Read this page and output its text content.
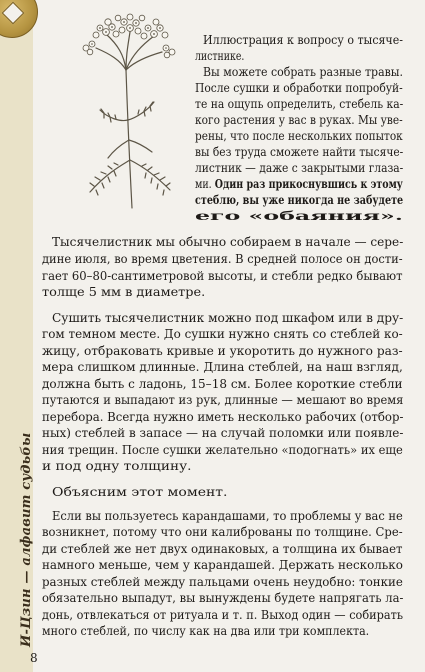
И-Цзин — алфавит судьбы
8
Иллюстрация к вопросу о тысяче-
листнике.
Вы можете собрать разные травы.
После сушки и обработки попробуй-
те на ощупь определить, стебель ка-
кого растения у вас в руках. Мы уве-
рены, что после нескольких попыток
вы без труда сможете найти тысяче-
листник — даже с закрытыми глаза-
ми. Один раз прикоснувшись к этому
стеблю, вы уже никогда не забудете
его «обаяния».
Тысячелистник мы обычно собираем в начале — сере-
дине июля, во время цветения. В средней полосе он дости-
гает 60–80-сантиметровой высоты, и стебли редко бывают
толще 5 мм в диаметре.
Сушить тысячелистник можно под шкафом или в дру-
гом темном месте. До сушки нужно снять со стеблей ко-
жицу, отбраковать кривые и укоротить до нужного раз-
мера слишком длинные. Длина стеблей, на наш взгляд,
должна быть с ладонь, 15–18 см. Более короткие стебли
путаются и выпадают из рук, длинные — мешают во время
перебора. Всегда нужно иметь несколько рабочих (отбор-
ных) стеблей в запасе — на случай поломки или появле-
ния трещин. После сушки желательно «подогнать» их еще
и под одну толщину.
Объясним этот момент.
Если вы пользуетесь карандашами, то проблемы у вас не
возникнет, потому что они калиброваны по толщине. Сре-
ди стеблей же нет двух одинаковых, а толщина их бывает
намного меньше, чем у карандашей. Держать несколько
разных стеблей между пальцами очень неудобно: тонкие
обязательно выпадут, вы вынуждены будете напрягать ла-
донь, отвлекаться от ритуала и т. п. Выход один — собирать
много стеблей, по числу как на два или три комплекта.
